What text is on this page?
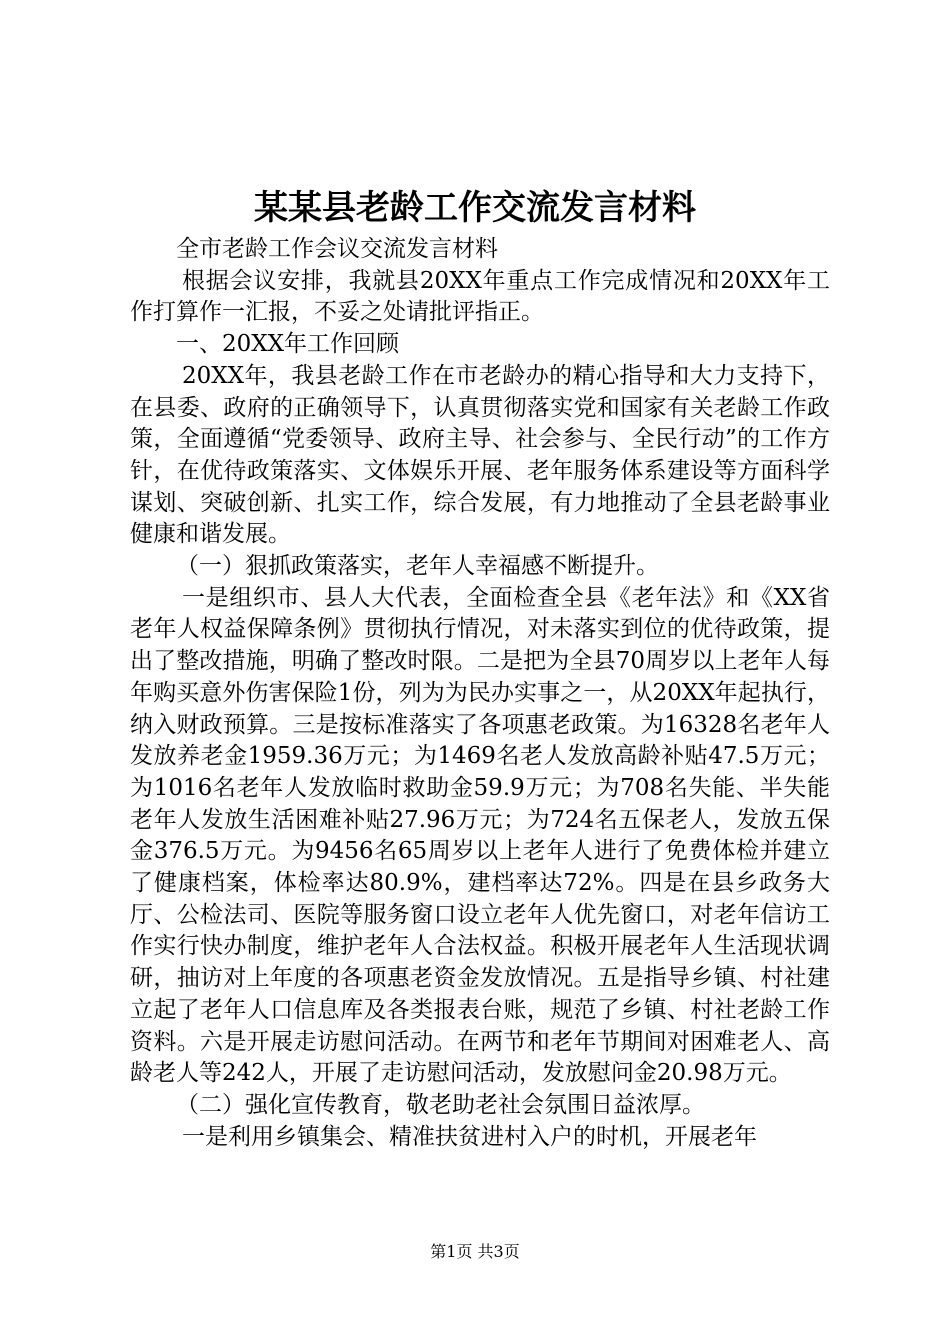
某某县老龄工作交流发言材料

全市老龄工作会议交流发言材料

根据会议安排，我就县20XX年重点工作完成情况和20XX年工作打算作一汇报，不妥之处请批评指正。

一、20XX年工作回顾

20XX年，我县老龄工作在市老龄办的精心指导和大力支持下，在县委、政府的正确领导下，认真贯彻落实党和国家有关老龄工作政策，全面遵循“党委领导、政府主导、社会参与、全民行动”的工作方针，在优待政策落实、文体娱乐开展、老年服务体系建设等方面科学谋划、突破创新、扎实工作，综合发展，有力地推动了全县老龄事业健康和谐发展。

（一）狠抓政策落实，老年人幸福感不断提升。

一是组织市、县人大代表，全面检查全县《老年法》和《XX省老年人权益保障条例》贯彻执行情况，对未落实到位的优待政策，提出了整改措施，明确了整改时限。二是把为全县70周岁以上老年人每年购买意外伤害保险1份，列为为民办实事之一，从20XX年起执行，纳入财政预算。三是按标准落实了各项惠老政策。为16328名老年人发放养老金1959.36万元；为1469名老人发放高龄补贴47.5万元；为1016名老年人发放临时救助金59.9万元；为708名失能、半失能老年人发放生活困难补贴27.96万元；为724名五保老人，发放五保金376.5万元。为9456名65周岁以上老年人进行了免费体检并建立了健康档案，体检率达80.9%，建档率达72%。四是在县乡政务大厅、公检法司、医院等服务窗口设立老年人优先窗口，对老年信访工作实行快办制度，维护老年人合法权益。积极开展老年人生活现状调研，抽访对上年度的各项惠老资金发放情况。五是指导乡镇、村社建立起了老年人口信息库及各类报表台账，规范了乡镇、村社老龄工作资料。六是开展走访慰问活动。在两节和老年节期间对困难老人、高龄老人等242人，开展了走访慰问活动，发放慰问金20.98万元。

（二）强化宣传教育，敬老助老社会氛围日益浓厚。

一是利用乡镇集会、精准扶贫进村入户的时机，开展老年

第1页 共3页
